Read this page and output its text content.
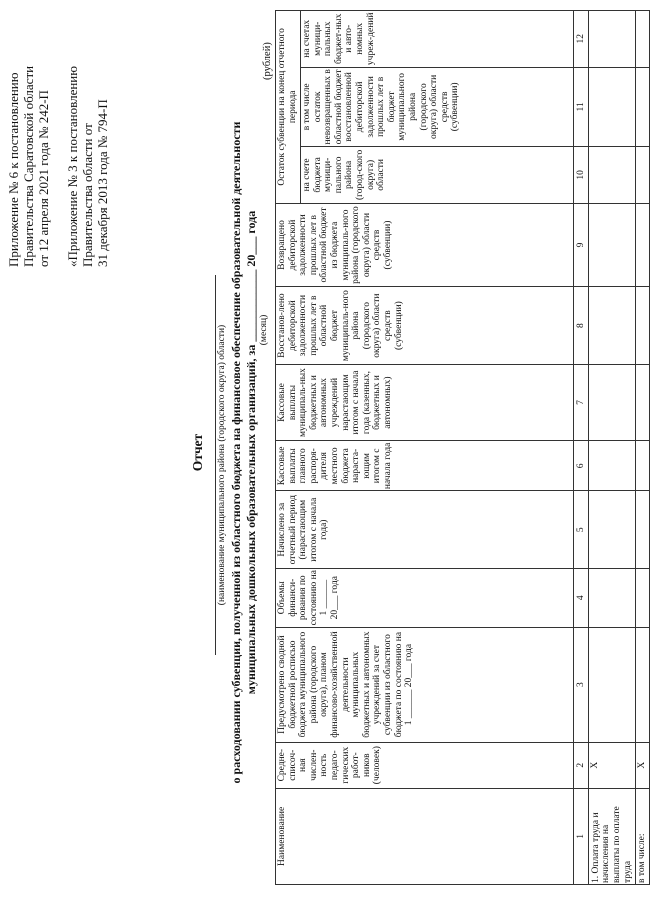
Приложение № 6 к постановлению Правительства Саратовской области от 12 апреля 2021 года № 242-П «Приложение № 3 к постановлению Правительства области от 31 декабря 2013 года № 794-П
Отчет (наименование муниципального района (городского округа) области) о расходовании субвенции, полученной из областного бюджета на финансовое обеспечение образовательной деятельности муниципальных дошкольных образовательных организаций, за ____________ 20___ года (месяц)
(рублей)
Наименование	Средне-списоч-ная числен-ность педаго-гических работ-ников (человек)	Предусмотрено сводной бюджетной росписью бюджета муниципального района (городского округа), планом финансово-хозяйственной деятельности муниципальных бюджетных и автономных учреждений за счет субвенции из областного бюджета по состоянию на 1 ______ 20___ года	Объемы финанси-рования по состоянию на 1 ______ 20___ года	Начислено за отчетный период (нарастающим итогом с начала года)	Кассовые выплаты главного распоря-дителя местного бюджета нараста-ющим итогом с начала года	Кассовые выплаты муниципаль-ных бюджетных и автономных учреждений нарастающим итогом с начала года (казенных, бюджетных и автономных)	Восстанов-лено дебиторской задолженности прошлых лет в областной бюджет муниципаль-ного района (городского округа) области средств (субвенции)	Возвращено дебиторской задолженности прошлых лет в областной бюджет из бюджета муниципаль-ного района (городского округа) области средств (субвенции)	Остаток субвенции на конец отчетного периода		
									на счете бюджета муници-пального района (город-ского округа) области	в том числе остаток невозвращенных в областной бюджет восстановленной дебиторской задолженности прошлых лет в бюджет муниципального района (городского округа) области средств (субвенции)	на счетах муници-пальных бюджет-ных и авто-номных учреж-дений
1	2	3	4	5	6	7	8	9	10	11	12
1. Оплата труда и начисления на выплаты по оплате труда	X										
в том числе:	X										
